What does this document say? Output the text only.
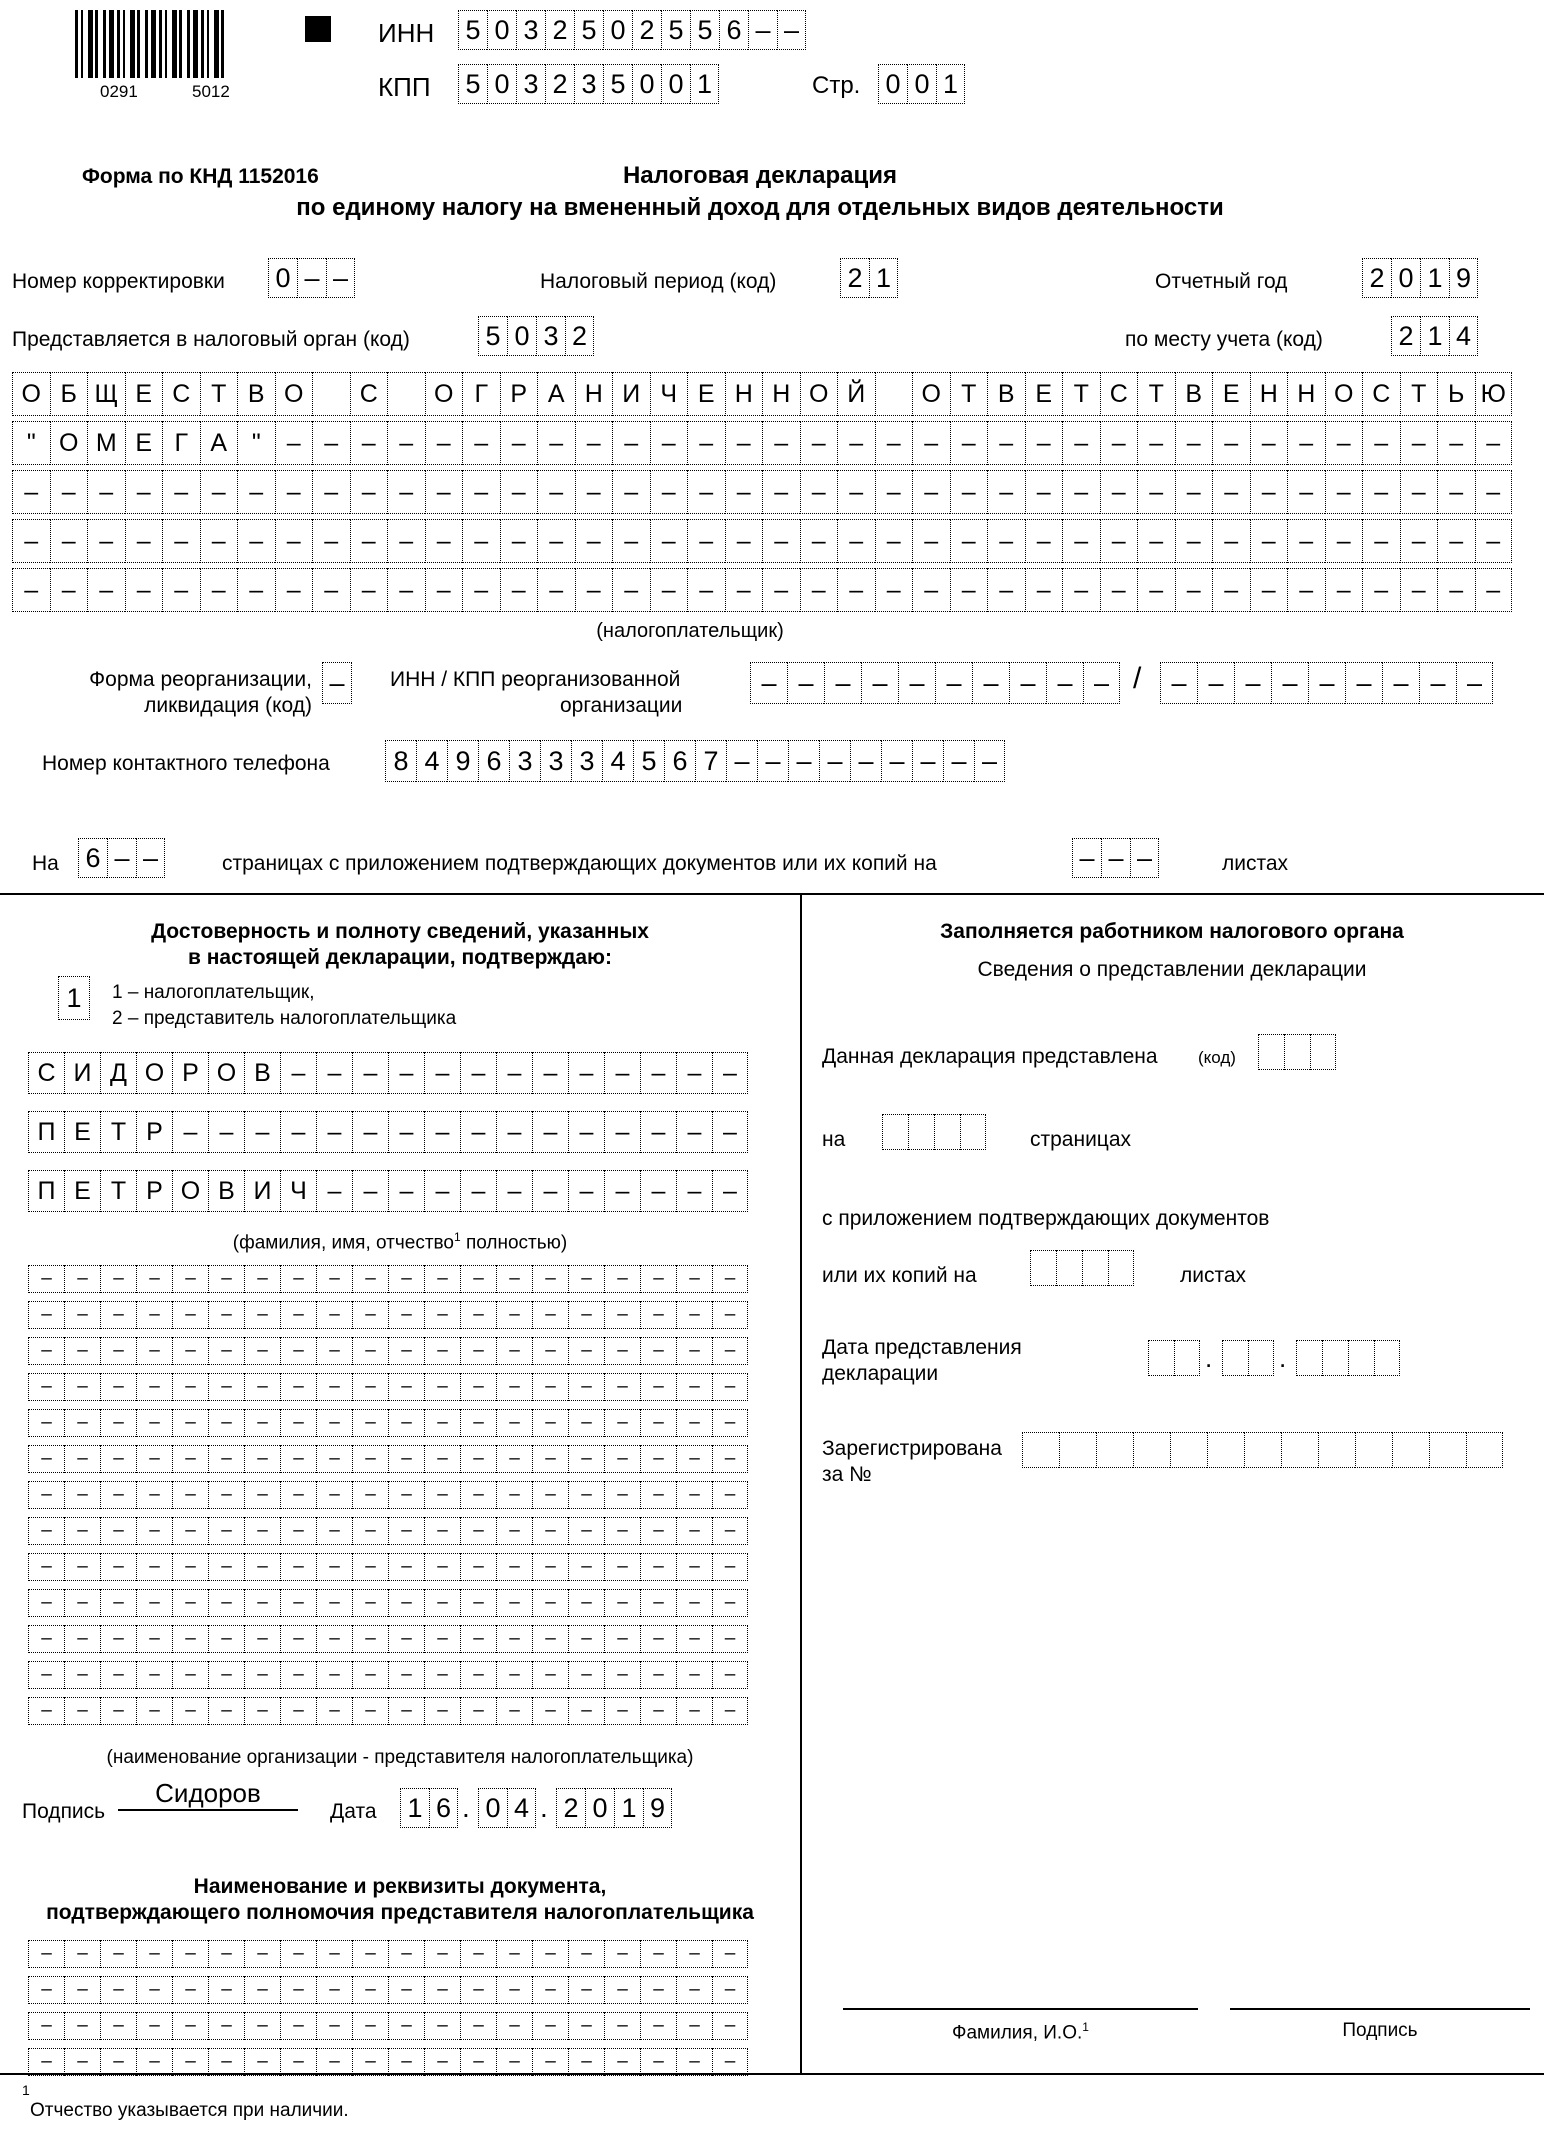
0291	5012
ИНН 5 0 3 2 5 0 2 5 5 6 – –
КПП 5 0 3 2 3 5 0 0 1	Стр. 0 0 1
Форма по КНД 1152016	Налоговая декларация
по единому налогу на вмененный доход для отдельных видов деятельности
Номер корректировки 0 – –	Налоговый период (код)	2 1	Отчетный год	2 0 1 9
Представляется в налоговый орган (код)	5 0 3 2	по месту учета (код)	2 1 4
О Б Щ Е С Т В О	С	О Г Р А Н И Ч Е Н Н О Й	О Т В Е Т С Т В Е Н Н О С Т Ь Ю
" О М Е Г А "	– – – – – – – – – – – – – – – – – – – – – – – – – – – – – – – – –
– – – – – – – – – – – – – – – – – – – – – – – – – – – – – – – – – – – – – – – –
– – – – – – – – – – – – – – – – – – – – – – – – – – – – – – – – – – – – – – – –
– – – – – – – – – – – – – – – – – – – – – – – – – – – – – – – – – – – – – – – –
(налогоплательщик)
Форма реорганизации,
ликвидация (код)
–	ИНН / КПП реорганизованной
организации
– – – – – – – – – – /	– – – – – – – – –
Номер контактного телефона	8 4 9 6 3 3 3 4 5 6 7 – – – – – – – – –
На 6 – –	страницах с приложением подтверждающих документов или их копий на	– – –	листах
Достоверность и полноту сведений, указанных
в настоящей декларации, подтверждаю:
1	1 – налогоплательщик,
2 – представитель налогоплательщика
С И Д О Р О В – – – – – – – – – – – – –
П Е Т Р – – – – – – – – – – – – – – – –
П Е Т Р О В И Ч – – – – – – – – – – – –
(фамилия, имя, отчество$^1$ полностью)
–	–	–	–	–	–	–	–	–	–	–	–	–	–	–	–	–	–	–	–
–	–	–	–	–	–	–	–	–	–	–	–	–	–	–	–	–	–	–	–
–	–	–	–	–	–	–	–	–	–	–	–	–	–	–	–	–	–	–	–
–	–	–	–	–	–	–	–	–	–	–	–	–	–	–	–	–	–	–	–
–	–	–	–	–	–	–	–	–	–	–	–	–	–	–	–	–	–	–	–
–	–	–	–	–	–	–	–	–	–	–	–	–	–	–	–	–	–	–	–
–	–	–	–	–	–	–	–	–	–	–	–	–	–	–	–	–	–	–	–
–	–	–	–	–	–	–	–	–	–	–	–	–	–	–	–	–	–	–	–
–	–	–	–	–	–	–	–	–	–	–	–	–	–	–	–	–	–	–	–
–	–	–	–	–	–	–	–	–	–	–	–	–	–	–	–	–	–	–	–
–	–	–	–	–	–	–	–	–	–	–	–	–	–	–	–	–	–	–	–
–	–	–	–	–	–	–	–	–	–	–	–	–	–	–	–	–	–	–	–
–	–	–	–	–	–	–	–	–	–	–	–	–	–	–	–	–	–	–	–
(наименование организации - представителя налогоплательщика)
Подпись
Сидоров
Дата 1 6 . 0 4 . 2 0 1 9
Наименование и реквизиты документа,
подтверждающего полномочия представителя налогоплательщика
–	–	–	–	–	–	–	–	–	–	–	–	–	–	–	–	–	–	–	–
–	–	–	–	–	–	–	–	–	–	–	–	–	–	–	–	–	–	–	–
–	–	–	–	–	–	–	–	–	–	–	–	–	–	–	–	–	–	–	–
–	–	–	–	–	–	–	–	–	–	–	–	–	–	–	–	–	–	–	–
Заполняется работником налогового органа
Сведения о представлении декларации
Данная декларация представлена (код)
на	страницах
с приложением подтверждающих документов
или их копий на	листах
Дата представления
декларации
.	.
Зарегистрирована
за №
Фамилия, И.О.$^1$	Подпись
1
Отчество указывается при наличии.
